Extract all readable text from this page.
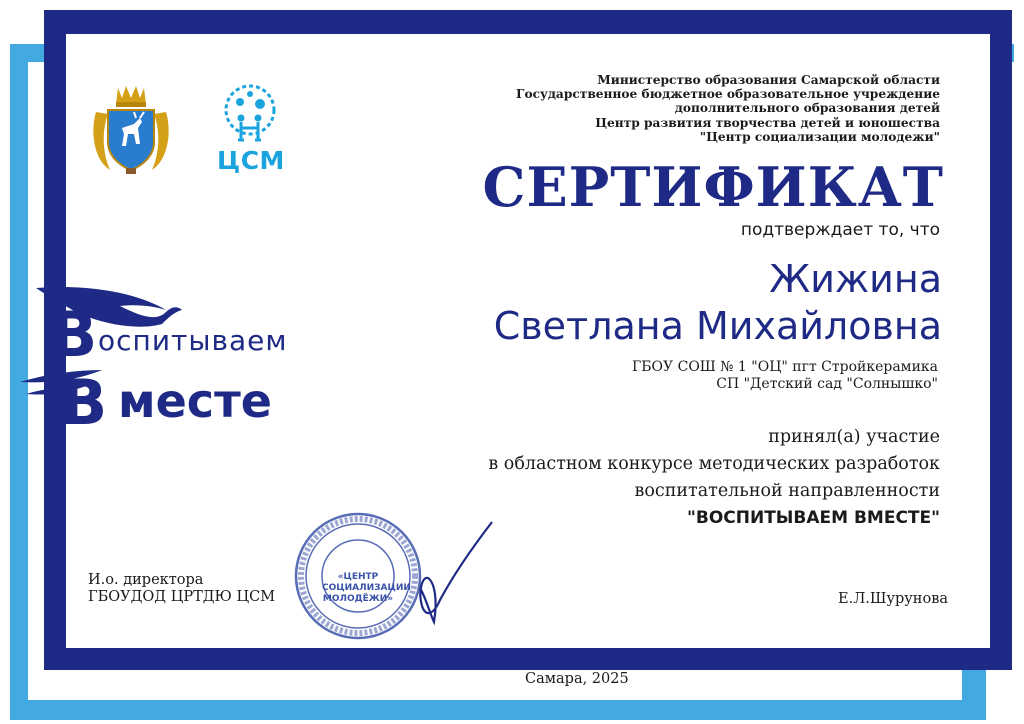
ЦСМ
Министерство образования Самарской области
Государственное бюджетное образовательное учреждение
дополнительного образования детей
Центр развития творчества детей и юношества
"Центр социализации молодежи"
СЕРТИФИКАТ
подтверждает то, что
Жижина
Светлана Михайловна
ГБОУ СОШ № 1 "ОЦ" пгт Стройкерамика
СП "Детский сад "Солнышко"
принял(а) участие
в областном конкурсе методических разработок
воспитательной направленности
"ВОСПИТЫВАЕМ ВМЕСТЕ"
В
В
оспитываем
месте
«ЦЕНТР СОЦИАЛИЗАЦИИ МОЛОДЁЖИ»
И.о. директора
ГБОУДОД ЦРТДЮ ЦСМ	Е.Л.Шурунова
Самара, 2025
